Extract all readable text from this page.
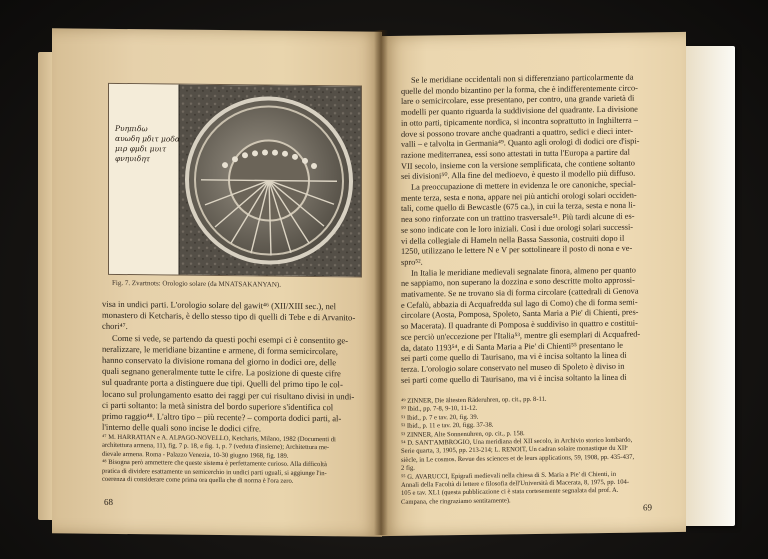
Pυηπιδω
αυωδη μδιτ μοδα
μιρ φμδι μυιτ
φνηυιδητ
Fig. 7. Zvartnots: Orologio solare (da MNATSAKANYAN).
visa in undici parti. L'orologio solare del gawit⁴⁶ (XII/XIII sec.), nel
monastero di Ketcharis, è dello stesso tipo di quelli di Tebe e di Arvanito-
chori⁴⁷.
Come si vede, se partendo da questi pochi esempi ci è consentito ge-
neralizzare, le meridiane bizantine e armene, di forma semicircolare,
hanno conservato la divisione romana del giorno in dodici ore, delle
quali segnano generalmente tutte le cifre. La posizione di queste cifre
sul quadrante porta a distinguere due tipi. Quelli del primo tipo le col-
locano sul prolungamento esatto dei raggi per cui risultano divisi in undi-
ci parti soltanto: la metà sinistra del bordo superiore s'identifica col
primo raggio⁴⁸. L'altro tipo – più recente? – comporta dodici parti, al-
l'interno delle quali sono incise le dodici cifre.
⁴⁷ M. HARRATIAN e A. ALPAGO-NOVELLO, Ketcharis, Milano, 1982 (Documenti di
architettura armena, 11), fig. 7 p. 18, e fig. 1, p. 7 (veduta d'insieme); Architettura me-
dievale armena. Roma - Palazzo Venezia, 10-30 giugno 1968, fig. 189.
⁴⁸ Bisogna però ammettere che queste sistema è perfettamente curioso. Alla difficoltà
pratica di dividere esattamente un semicerchio in undici parti uguali, si aggiunge l'in-
coerenza di considerare come prima ora quella che di norma è l'ora zero.
68
Se le meridiane occidentali non si differenziano particolarmente da
quelle del mondo bizantino per la forma, che è indifferentemente circo-
lare o semicircolare, esse presentano, per contro, una grande varietà di
modelli per quanto riguarda la suddivisione del quadrante. La divisione
in otto parti, tipicamente nordica, si incontra soprattutto in Inghilterra –
dove si possono trovare anche quadranti a quattro, sedici e dieci inter-
valli – e talvolta in Germania⁴⁹. Quanto agli orologi di dodici ore d'ispi-
razione mediterranea, essi sono attestati in tutta l'Europa a partire dal
VII secolo, insieme con la versione semplificata, che contiene soltanto
sei divisioni⁵⁰. Alla fine del medioevo, è questo il modello più diffuso.
La preoccupazione di mettere in evidenza le ore canoniche, special-
mente terza, sesta e nona, appare nei più antichi orologi solari occiden-
tali, come quello di Bewcastle (675 ca.), in cui la terza, sesta e nona li-
nea sono rinforzate con un trattino trasversale⁵¹. Più tardi alcune di es-
se sono indicate con le loro iniziali. Così i due orologi solari successi-
vi della collegiale di Hameln nella Bassa Sassonia, costruiti dopo il
1250, utilizzano le lettere N e V per sottolineare il posto di nona e ve-
spro⁵².
In Italia le meridiane medievali segnalate finora, almeno per quanto
ne sappiamo, non superano la dozzina e sono descritte molto approssi-
mativamente. Se ne trovano sia di forma circolare (cattedrali di Genova
e Cefalù, abbazia di Acquafredda sul lago di Como) che di forma semi-
circolare (Aosta, Pomposa, Spoleto, Santa Maria a Pie' di Chienti, pres-
so Macerata). Il quadrante di Pomposa è suddiviso in quattro e costitui-
sce perciò un'eccezione per l'Italia⁵³, mentre gli esemplari di Acquafred-
da, datato 1193⁵⁴, e di Santa Maria a Pie' di Chienti⁵⁵ presentano le
sei parti come quello di Taurisano, ma vi è incisa soltanto la linea di
terza. L'orologio solare conservato nel museo di Spoleto è diviso in
sei parti come quello di Taurisano, ma vi è incisa soltanto la linea di
⁴⁹ ZINNER, Die ältesten Räderuhren, op. cit., pp. 8-11.
⁵⁰ Ibid., pp. 7-8, 9-10, 11-12.
⁵¹ Ibid., p. 7 e tav. 20, fig. 39.
⁵² Ibid., p. 11 e tav. 20, figg. 37-38.
⁵³ ZINNER, Alte Sonnenuhren, op. cit., p. 158.
⁵⁴ D. SANT'AMBROGIO, Una meridiana del XII secolo, in Archivio storico lombardo,
Serie quarta, 3, 1905, pp. 213-214; L. RENOIT, Un cadran solaire monastique du XIIᵉ
siècle, in Le cosmos. Revue des sciences et de leurs applications, 59, 1908, pp. 435-437,
2 fig.
⁵⁵ G. AVARUCCI, Epigrafi medievali nella chiesa di S. Maria a Pie' di Chienti, in
Annali della Facoltà di lettere e filosofia dell'Università di Macerata, 8, 1975, pp. 104-
105 e tav. XL1 (questa pubblicazione ci è stata cortesemente segnalata dal prof. A.
Campana, che ringraziamo sentitamente).
69
